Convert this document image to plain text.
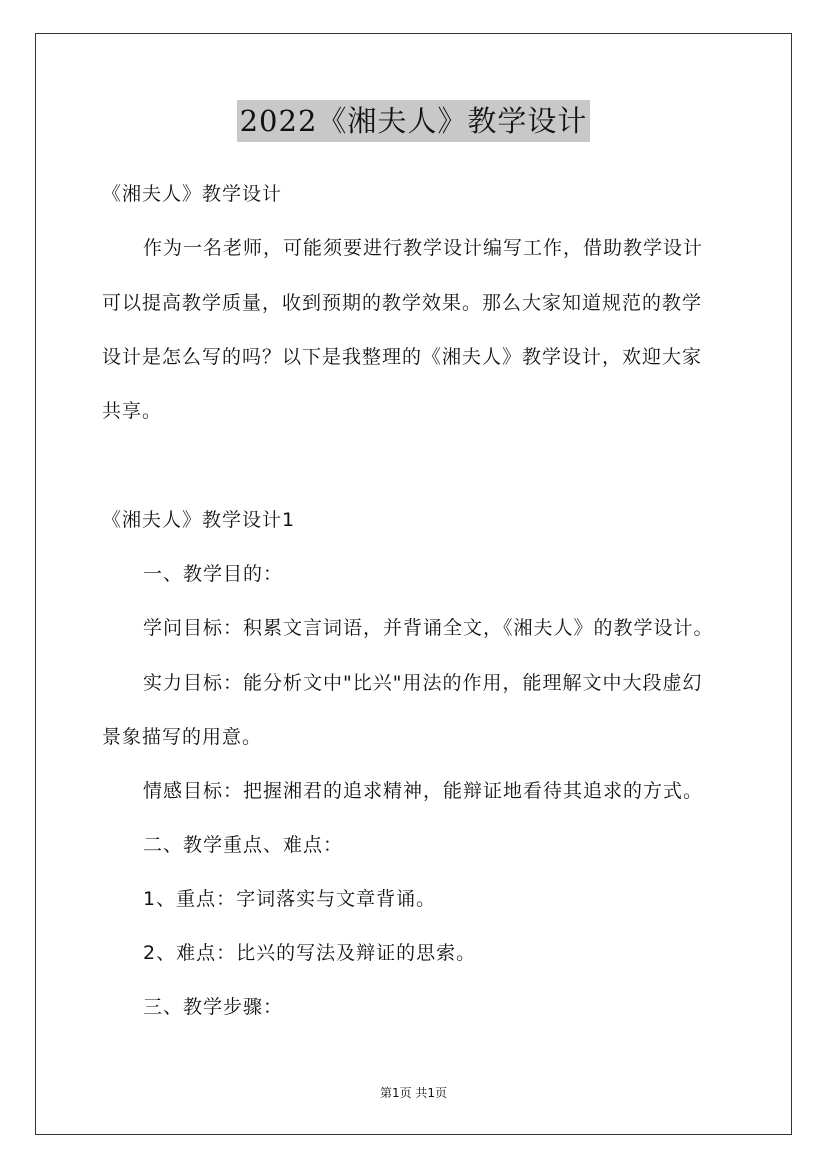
2022《湘夫人》教学设计
《湘夫人》教学设计
作为一名老师，可能须要进行教学设计编写工作，借助教学设计
可以提高教学质量，收到预期的教学效果。那么大家知道规范的教学
设计是怎么写的吗？以下是我整理的《湘夫人》教学设计，欢迎大家
共享。
《湘夫人》教学设计1
一、教学目的：
学问目标：积累文言词语，并背诵全文，《湘夫人》的教学设计。
实力目标：能分析文中"比兴"用法的作用，能理解文中大段虚幻
景象描写的用意。
情感目标：把握湘君的追求精神，能辩证地看待其追求的方式。
二、教学重点、难点：
1、重点：字词落实与文章背诵。
2、难点：比兴的写法及辩证的思索。
三、教学步骤：
第1页 共1页
